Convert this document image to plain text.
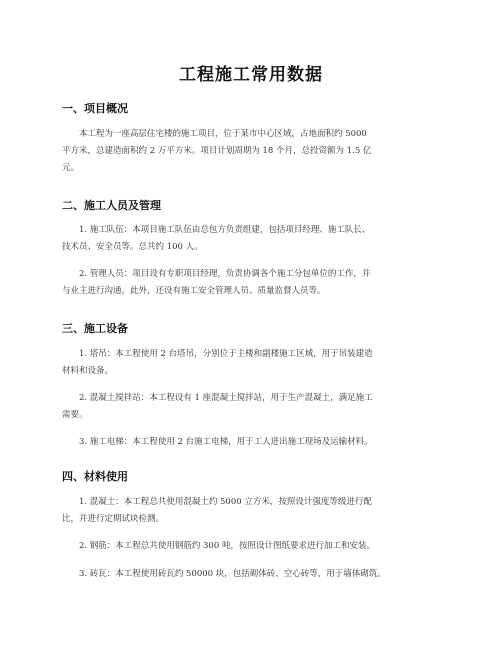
工程施工常用数据
一、项目概况

本工程为一座高层住宅楼的施工项目，位于某市中心区域，占地面积约 5000
平方米，总建造面积约 2 万平方米。项目计划周期为 18 个月，总投资额为 1.5 亿
元。

二、施工人员及管理

1. 施工队伍：本项目施工队伍由总包方负责组建，包括项目经理、施工队长、
技术员、安全员等。总共约 100 人。

2. 管理人员：项目设有专职项目经理，负责协调各个施工分包单位的工作，并
与业主进行沟通。此外，还设有施工安全管理人员、质量监督人员等。

三、施工设备

1. 塔吊：本工程使用 2 台塔吊，分别位于主楼和副楼施工区域，用于吊装建造
材料和设备。

2. 混凝土搅拌站：本工程设有 1 座混凝土搅拌站，用于生产混凝土，满足施工
需要。

3. 施工电梯：本工程使用 2 台施工电梯，用于工人进出施工现场及运输材料。

四、材料使用

1. 混凝土：本工程总共使用混凝土约 5000 立方米，按照设计强度等级进行配
比，并进行定期试块检测。

2. 钢筋：本工程总共使用钢筋约 300 吨，按照设计图纸要求进行加工和安装。

3. 砖瓦：本工程使用砖瓦约 50000 块，包括砌体砖、空心砖等，用于墙体砌筑。
